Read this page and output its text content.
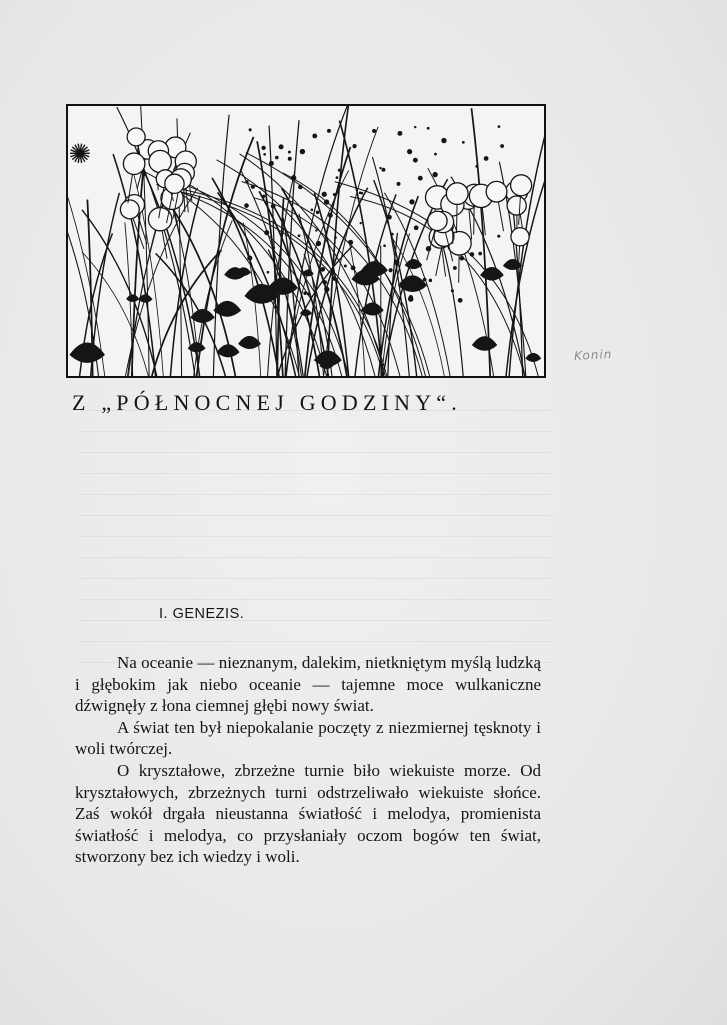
Konin
Z „PÓŁNOCNEJ GODZINY“.
I. GENEZIS.

Na oceanie — nieznanym, dalekim, nietkniętym myślą ludzką i głębokim jak niebo oceanie — tajemne moce wulkaniczne dźwignęły z łona ciemnej głębi nowy świat.

A świat ten był niepokalanie poczęty z niezmiernej tęsknoty i woli twórczej.

O kryształowe, zbrzeżne turnie biło wiekuiste morze. Od kryształowych, zbrzeżnych turni odstrzeliwało wiekuiste słońce. Zaś wokół drgała nieustanna światłość i melodya, promienista światłość i melodya, co przysłaniały oczom bogów ten świat, stworzony bez ich wiedzy i woli.
